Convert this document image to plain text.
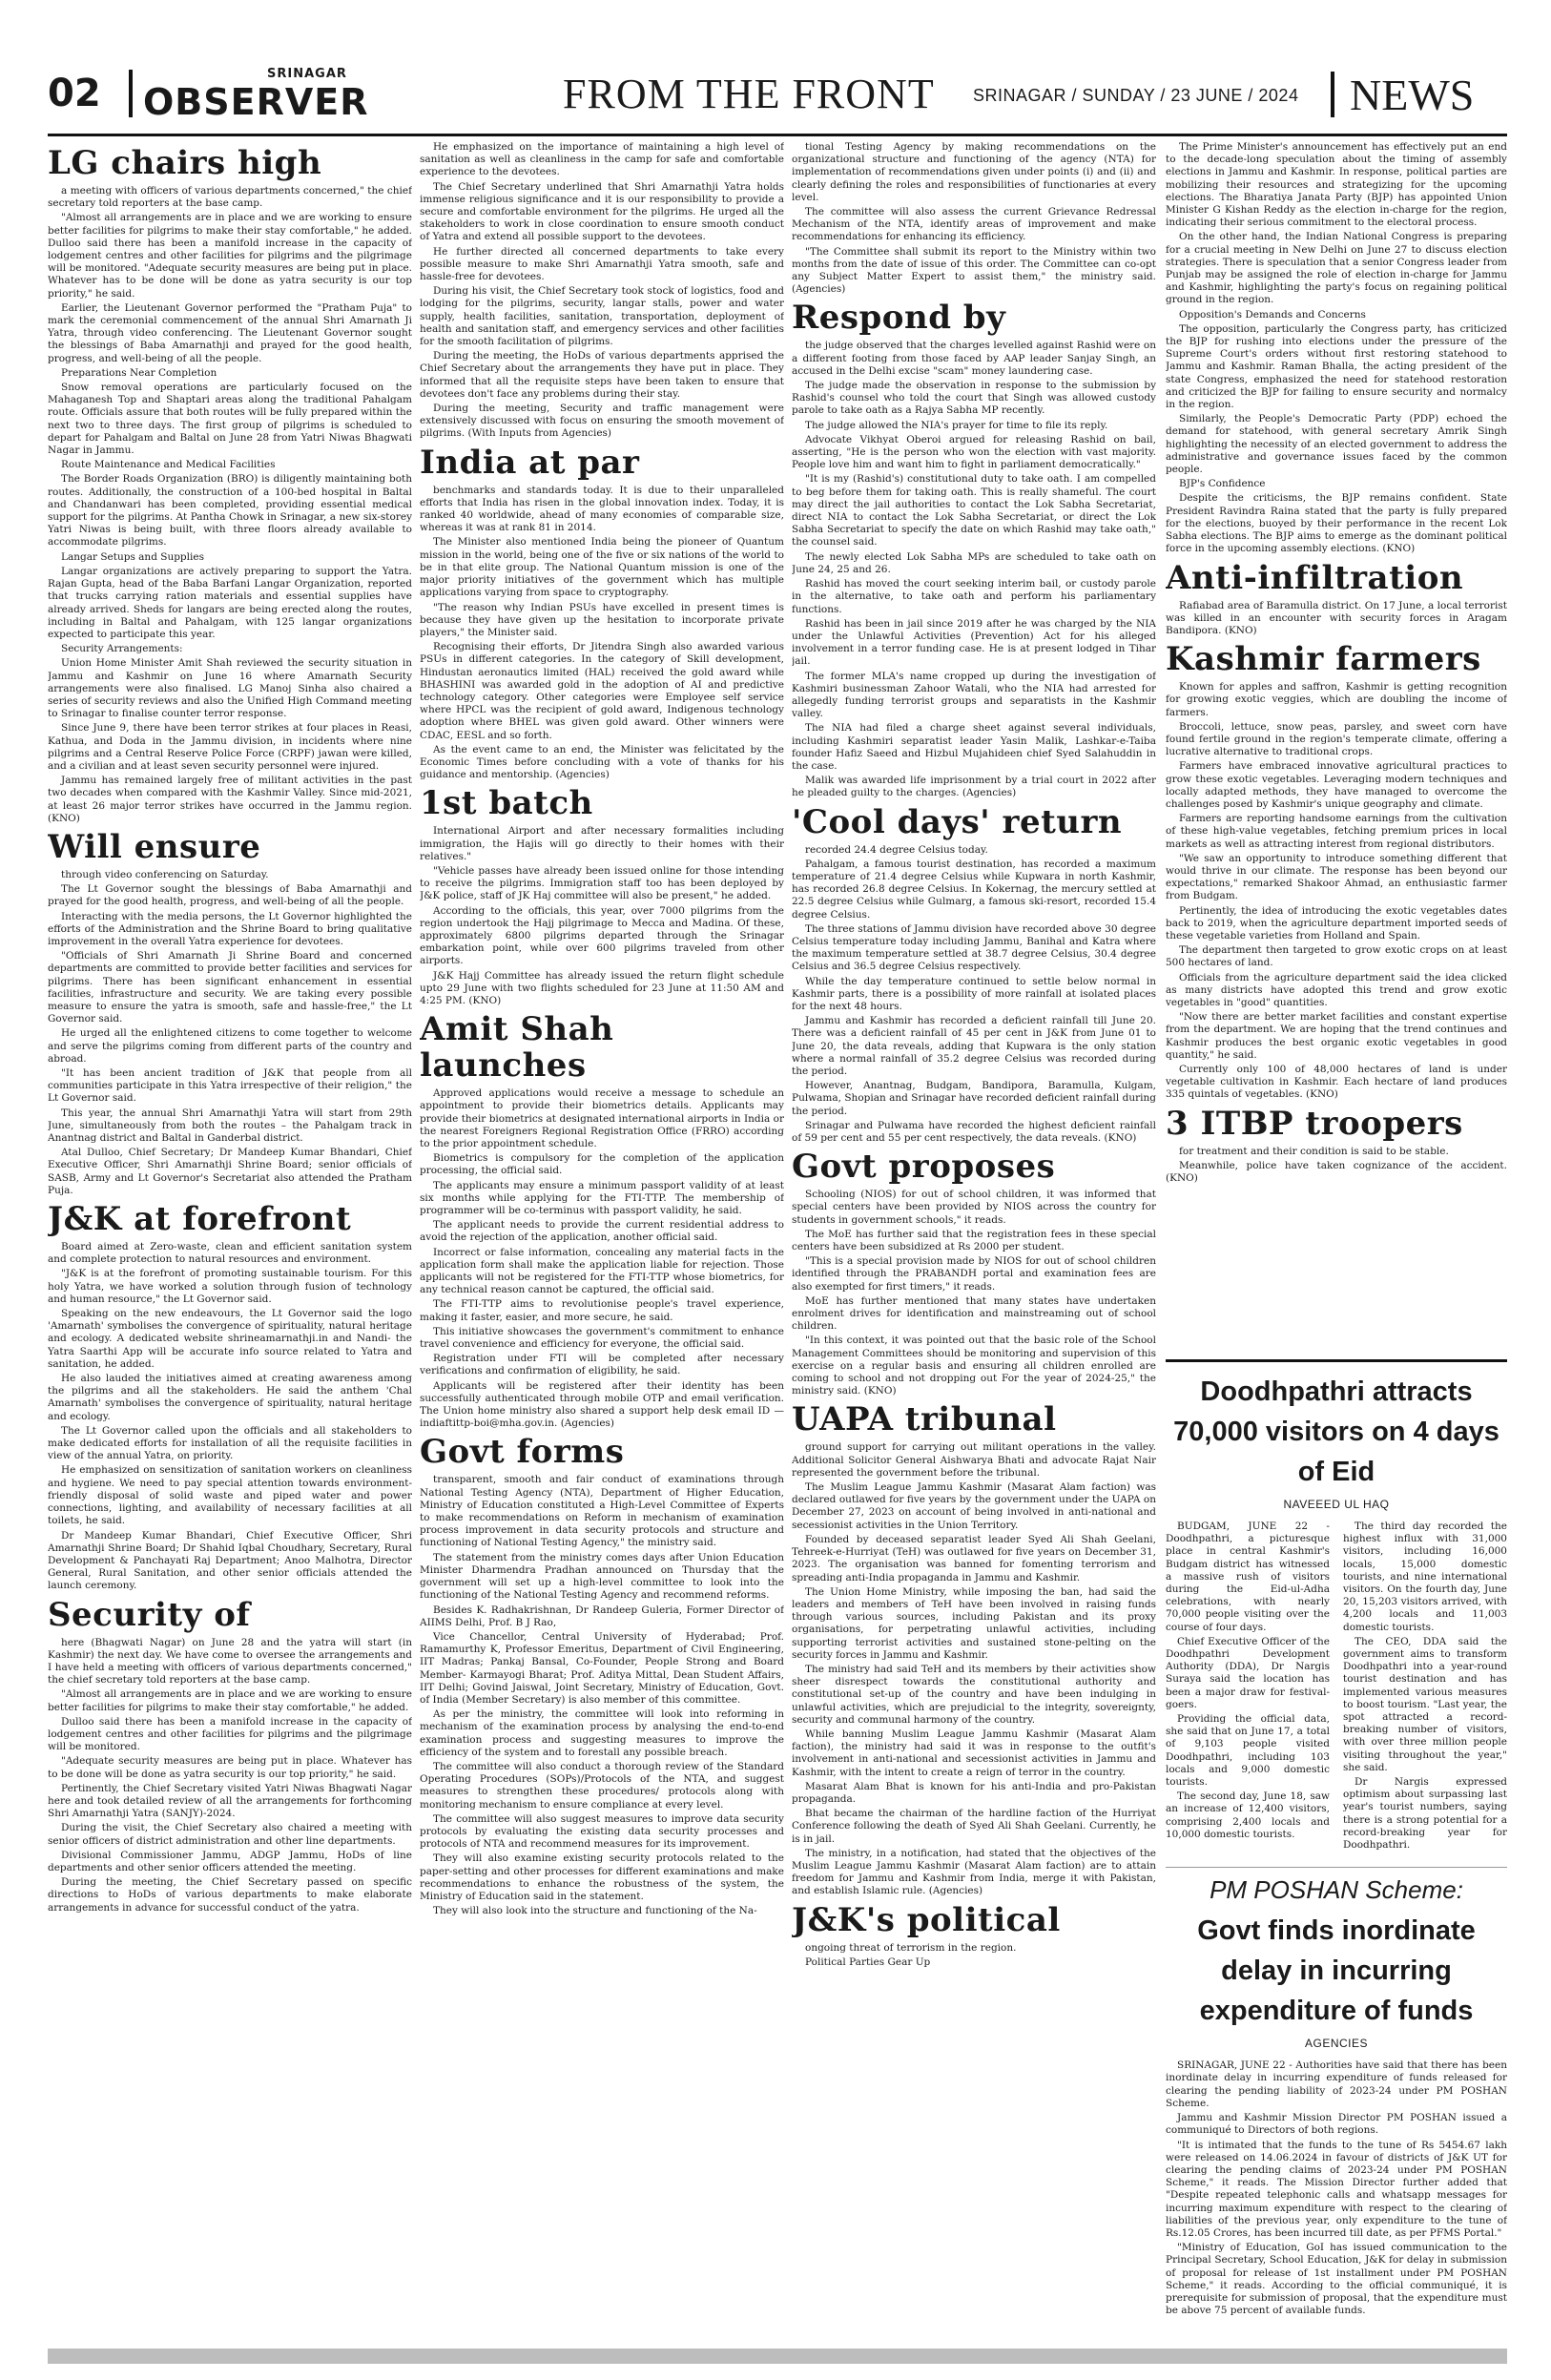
02	SRINAGAR
OBSERVER	FROM THE FRONT SRINAGAR / SUNDAY / 23 JUNE / 2024 NEWS
LG chairs high

a meeting with officers of various departments concerned," the chief secretary told reporters at the base camp.

"Almost all arrangements are in place and we are working to ensure better facilities for pilgrims to make their stay comfortable," he added. Dulloo said there has been a manifold increase in the capacity of lodgement centres and other facilities for pilgrims and the pilgrimage will be monitored. "Adequate security measures are being put in place. Whatever has to be done will be done as yatra security is our top priority," he said.

Earlier, the Lieutenant Governor performed the "Pratham Puja" to mark the ceremonial commencement of the annual Shri Amarnath Ji Yatra, through video conferencing. The Lieutenant Governor sought the blessings of Baba Amarnathji and prayed for the good health, progress, and well-being of all the people.

Preparations Near Completion

Snow removal operations are particularly focused on the Mahaganesh Top and Shaptari areas along the traditional Pahalgam route. Officials assure that both routes will be fully prepared within the next two to three days. The first group of pilgrims is scheduled to depart for Pahalgam and Baltal on June 28 from Yatri Niwas Bhagwati Nagar in Jammu.

Route Maintenance and Medical Facilities

The Border Roads Organization (BRO) is diligently maintaining both routes. Additionally, the construction of a 100-bed hospital in Baltal and Chandanwari has been completed, providing essential medical support for the pilgrims. At Pantha Chowk in Srinagar, a new six-storey Yatri Niwas is being built, with three floors already available to accommodate pilgrims.

Langar Setups and Supplies

Langar organizations are actively preparing to support the Yatra. Rajan Gupta, head of the Baba Barfani Langar Organization, reported that trucks carrying ration materials and essential supplies have already arrived. Sheds for langars are being erected along the routes, including in Baltal and Pahalgam, with 125 langar organizations expected to participate this year.

Security Arrangements:

Union Home Minister Amit Shah reviewed the security situation in Jammu and Kashmir on June 16 where Amarnath Security arrangements were also finalised. LG Manoj Sinha also chaired a series of security reviews and also the Unified High Command meeting to Srinagar to finalise counter terror response.

Since June 9, there have been terror strikes at four places in Reasi, Kathua, and Doda in the Jammu division, in incidents where nine pilgrims and a Central Reserve Police Force (CRPF) jawan were killed, and a civilian and at least seven security personnel were injured.

Jammu has remained largely free of militant activities in the past two decades when compared with the Kashmir Valley. Since mid-2021, at least 26 major terror strikes have occurred in the Jammu region. (KNO)

Will ensure

through video conferencing on Saturday.

The Lt Governor sought the blessings of Baba Amarnathji and prayed for the good health, progress, and well-being of all the people.

Interacting with the media persons, the Lt Governor highlighted the efforts of the Administration and the Shrine Board to bring qualitative improvement in the overall Yatra experience for devotees.

"Officials of Shri Amarnath Ji Shrine Board and concerned departments are committed to provide better facilities and services for pilgrims. There has been significant enhancement in essential facilities, infrastructure and security. We are taking every possible measure to ensure the yatra is smooth, safe and hassle-free," the Lt Governor said.

He urged all the enlightened citizens to come together to welcome and serve the pilgrims coming from different parts of the country and abroad.

"It has been ancient tradition of J&K that people from all communities participate in this Yatra irrespective of their religion," the Lt Governor said.

This year, the annual Shri Amarnathji Yatra will start from 29th June, simultaneously from both the routes – the Pahalgam track in Anantnag district and Baltal in Ganderbal district.

Atal Dulloo, Chief Secretary; Dr Mandeep Kumar Bhandari, Chief Executive Officer, Shri Amarnathji Shrine Board; senior officials of SASB, Army and Lt Governor's Secretariat also attended the Pratham Puja.

J&K at forefront

Board aimed at Zero-waste, clean and efficient sanitation system and complete protection to natural resources and environment.

"J&K is at the forefront of promoting sustainable tourism. For this holy Yatra, we have worked a solution through fusion of technology and human resource," the Lt Governor said.

Speaking on the new endeavours, the Lt Governor said the logo 'Amarnath' symbolises the convergence of spirituality, natural heritage and ecology. A dedicated website shrineamarnathji.in and Nandi- the Yatra Saarthi App will be accurate info source related to Yatra and sanitation, he added.

He also lauded the initiatives aimed at creating awareness among the pilgrims and all the stakeholders. He said the anthem 'Chal Amarnath' symbolises the convergence of spirituality, natural heritage and ecology.

The Lt Governor called upon the officials and all stakeholders to make dedicated efforts for installation of all the requisite facilities in view of the annual Yatra, on priority.

He emphasized on sensitization of sanitation workers on cleanliness and hygiene. We need to pay special attention towards environment-friendly disposal of solid waste and piped water and power connections, lighting, and availability of necessary facilities at all toilets, he said.

Dr Mandeep Kumar Bhandari, Chief Executive Officer, Shri Amarnathji Shrine Board; Dr Shahid Iqbal Choudhary, Secretary, Rural Development & Panchayati Raj Department; Anoo Malhotra, Director General, Rural Sanitation, and other senior officials attended the launch ceremony.

Security of

here (Bhagwati Nagar) on June 28 and the yatra will start (in Kashmir) the next day. We have come to oversee the arrangements and I have held a meeting with officers of various departments concerned," the chief secretary told reporters at the base camp.

"Almost all arrangements are in place and we are working to ensure better facilities for pilgrims to make their stay comfortable," he added.

Dulloo said there has been a manifold increase in the capacity of lodgement centres and other facilities for pilgrims and the pilgrimage will be monitored.

"Adequate security measures are being put in place. Whatever has to be done will be done as yatra security is our top priority," he said.

Pertinently, the Chief Secretary visited Yatri Niwas Bhagwati Nagar here and took detailed review of all the arrangements for forthcoming Shri Amarnathji Yatra (SANJY)-2024.

During the visit, the Chief Secretary also chaired a meeting with senior officers of district administration and other line departments.

Divisional Commissioner Jammu, ADGP Jammu, HoDs of line departments and other senior officers attended the meeting.

During the meeting, the Chief Secretary passed on specific directions to HoDs of various departments to make elaborate arrangements in advance for successful conduct of the yatra.

He emphasized on the importance of maintaining a high level of sanitation as well as cleanliness in the camp for safe and comfortable experience to the devotees.

The Chief Secretary underlined that Shri Amarnathji Yatra holds immense religious significance and it is our responsibility to provide a secure and comfortable environment for the pilgrims. He urged all the stakeholders to work in close coordination to ensure smooth conduct of Yatra and extend all possible support to the devotees.

He further directed all concerned departments to take every possible measure to make Shri Amarnathji Yatra smooth, safe and hassle-free for devotees.

During his visit, the Chief Secretary took stock of logistics, food and lodging for the pilgrims, security, langar stalls, power and water supply, health facilities, sanitation, transportation, deployment of health and sanitation staff, and emergency services and other facilities for the smooth facilitation of pilgrims.

During the meeting, the HoDs of various departments apprised the Chief Secretary about the arrangements they have put in place. They informed that all the requisite steps have been taken to ensure that devotees don't face any problems during their stay.

During the meeting, Security and traffic management were extensively discussed with focus on ensuring the smooth movement of pilgrims. (With Inputs from Agencies)

India at par

benchmarks and standards today. It is due to their unparalleled efforts that India has risen in the global innovation index. Today, it is ranked 40 worldwide, ahead of many economies of comparable size, whereas it was at rank 81 in 2014.

The Minister also mentioned India being the pioneer of Quantum mission in the world, being one of the five or six nations of the world to be in that elite group. The National Quantum mission is one of the major priority initiatives of the government which has multiple applications varying from space to cryptography.

"The reason why Indian PSUs have excelled in present times is because they have given up the hesitation to incorporate private players," the Minister said.

Recognising their efforts, Dr Jitendra Singh also awarded various PSUs in different categories. In the category of Skill development, Hindustan aeronautics limited (HAL) received the gold award while BHASHINI was awarded gold in the adoption of AI and predictive technology category. Other categories were Employee self service where HPCL was the recipient of gold award, Indigenous technology adoption where BHEL was given gold award. Other winners were CDAC, EESL and so forth.

As the event came to an end, the Minister was felicitated by the Economic Times before concluding with a vote of thanks for his guidance and mentorship. (Agencies)

1st batch

International Airport and after necessary formalities including immigration, the Hajis will go directly to their homes with their relatives."

"Vehicle passes have already been issued online for those intending to receive the pilgrims. Immigration staff too has been deployed by J&K police, staff of JK Haj committee will also be present," he added.

According to the officials, this year, over 7000 pilgrims from the region undertook the Hajj pilgrimage to Mecca and Madina. Of these, approximately 6800 pilgrims departed through the Srinagar embarkation point, while over 600 pilgrims traveled from other airports.

J&K Hajj Committee has already issued the return flight schedule upto 29 June with two flights scheduled for 23 June at 11:50 AM and 4:25 PM. (KNO)

Amit Shah launches

Approved applications would receive a message to schedule an appointment to provide their biometrics details. Applicants may provide their biometrics at designated international airports in India or the nearest Foreigners Regional Registration Office (FRRO) according to the prior appointment schedule.

Biometrics is compulsory for the completion of the application processing, the official said.

The applicants may ensure a minimum passport validity of at least six months while applying for the FTI-TTP. The membership of programmer will be co-terminus with passport validity, he said.

The applicant needs to provide the current residential address to avoid the rejection of the application, another official said.

Incorrect or false information, concealing any material facts in the application form shall make the application liable for rejection. Those applicants will not be registered for the FTI-TTP whose biometrics, for any technical reason cannot be captured, the official said.

The FTI-TTP aims to revolutionise people's travel experience, making it faster, easier, and more secure, he said.

This initiative showcases the government's commitment to enhance travel convenience and efficiency for everyone, the official said.

Registration under FTI will be completed after necessary verifications and confirmation of eligibility, he said.

Applicants will be registered after their identity has been successfully authenticated through mobile OTP and email verification. The Union home ministry also shared a support help desk email ID — indiaftittp-boi@mha.gov.in. (Agencies)

Govt forms

transparent, smooth and fair conduct of examinations through National Testing Agency (NTA), Department of Higher Education, Ministry of Education constituted a High-Level Committee of Experts to make recommendations on Reform in mechanism of examination process improvement in data security protocols and structure and functioning of National Testing Agency," the ministry said.

The statement from the ministry comes days after Union Education Minister Dharmendra Pradhan announced on Thursday that the government will set up a high-level committee to look into the functioning of the National Testing Agency and recommend reforms.

Besides K. Radhakrishnan, Dr Randeep Guleria, Former Director of AIIMS Delhi, Prof. B J Rao,

Vice Chancellor, Central University of Hyderabad; Prof. Ramamurthy K, Professor Emeritus, Department of Civil Engineering, IIT Madras; Pankaj Bansal, Co-Founder, People Strong and Board Member- Karmayogi Bharat; Prof. Aditya Mittal, Dean Student Affairs, IIT Delhi; Govind Jaiswal, Joint Secretary, Ministry of Education, Govt. of India (Member Secretary) is also member of this committee.

As per the ministry, the committee will look into reforming in mechanism of the examination process by analysing the end-to-end examination process and suggesting measures to improve the efficiency of the system and to forestall any possible breach.

The committee will also conduct a thorough review of the Standard Operating Procedures (SOPs)/Protocols of the NTA, and suggest measures to strengthen these procedures/ protocols along with monitoring mechanism to ensure compliance at every level.

The committee will also suggest measures to improve data security protocols by evaluating the existing data security processes and protocols of NTA and recommend measures for its improvement.

They will also examine existing security protocols related to the paper-setting and other processes for different examinations and make recommendations to enhance the robustness of the system, the Ministry of Education said in the statement.

They will also look into the structure and functioning of the Na-

tional Testing Agency by making recommendations on the organizational structure and functioning of the agency (NTA) for implementation of recommendations given under points (i) and (ii) and clearly defining the roles and responsibilities of functionaries at every level.

The committee will also assess the current Grievance Redressal Mechanism of the NTA, identify areas of improvement and make recommendations for enhancing its efficiency.

"The Committee shall submit its report to the Ministry within two months from the date of issue of this order. The Committee can co-opt any Subject Matter Expert to assist them," the ministry said. (Agencies)

Respond by

the judge observed that the charges levelled against Rashid were on a different footing from those faced by AAP leader Sanjay Singh, an accused in the Delhi excise "scam" money laundering case.

The judge made the observation in response to the submission by Rashid's counsel who told the court that Singh was allowed custody parole to take oath as a Rajya Sabha MP recently.

The judge allowed the NIA's prayer for time to file its reply.

Advocate Vikhyat Oberoi argued for releasing Rashid on bail, asserting, "He is the person who won the election with vast majority. People love him and want him to fight in parliament democratically."

"It is my (Rashid's) constitutional duty to take oath. I am compelled to beg before them for taking oath. This is really shameful. The court may direct the jail authorities to contact the Lok Sabha Secretariat, direct NIA to contact the Lok Sabha Secretariat, or direct the Lok Sabha Secretariat to specify the date on which Rashid may take oath," the counsel said.

The newly elected Lok Sabha MPs are scheduled to take oath on June 24, 25 and 26.

Rashid has moved the court seeking interim bail, or custody parole in the alternative, to take oath and perform his parliamentary functions.

Rashid has been in jail since 2019 after he was charged by the NIA under the Unlawful Activities (Prevention) Act for his alleged involvement in a terror funding case. He is at present lodged in Tihar jail.

The former MLA's name cropped up during the investigation of Kashmiri businessman Zahoor Watali, who the NIA had arrested for allegedly funding terrorist groups and separatists in the Kashmir valley.

The NIA had filed a charge sheet against several individuals, including Kashmiri separatist leader Yasin Malik, Lashkar-e-Taiba founder Hafiz Saeed and Hizbul Mujahideen chief Syed Salahuddin in the case.

Malik was awarded life imprisonment by a trial court in 2022 after he pleaded guilty to the charges. (Agencies)

'Cool days' return

recorded 24.4 degree Celsius today.

Pahalgam, a famous tourist destination, has recorded a maximum temperature of 21.4 degree Celsius while Kupwara in north Kashmir, has recorded 26.8 degree Celsius. In Kokernag, the mercury settled at 22.5 degree Celsius while Gulmarg, a famous ski-resort, recorded 15.4 degree Celsius.

The three stations of Jammu division have recorded above 30 degree Celsius temperature today including Jammu, Banihal and Katra where the maximum temperature settled at 38.7 degree Celsius, 30.4 degree Celsius and 36.5 degree Celsius respectively.

While the day temperature continued to settle below normal in Kashmir parts, there is a possibility of more rainfall at isolated places for the next 48 hours.

Jammu and Kashmir has recorded a deficient rainfall till June 20. There was a deficient rainfall of 45 per cent in J&K from June 01 to June 20, the data reveals, adding that Kupwara is the only station where a normal rainfall of 35.2 degree Celsius was recorded during the period.

However, Anantnag, Budgam, Bandipora, Baramulla, Kulgam, Pulwama, Shopian and Srinagar have recorded deficient rainfall during the period.

Srinagar and Pulwama have recorded the highest deficient rainfall of 59 per cent and 55 per cent respectively, the data reveals. (KNO)

Govt proposes

Schooling (NIOS) for out of school children, it was informed that special centers have been provided by NIOS across the country for students in government schools," it reads.

The MoE has further said that the registration fees in these special centers have been subsidized at Rs 2000 per student.

"This is a special provision made by NIOS for out of school children identified through the PRABANDH portal and examination fees are also exempted for first timers," it reads.

MoE has further mentioned that many states have undertaken enrolment drives for identification and mainstreaming out of school children.

"In this context, it was pointed out that the basic role of the School Management Committees should be monitoring and supervision of this exercise on a regular basis and ensuring all children enrolled are coming to school and not dropping out For the year of 2024-25," the ministry said. (KNO)

UAPA tribunal

ground support for carrying out militant operations in the valley. Additional Solicitor General Aishwarya Bhati and advocate Rajat Nair represented the government before the tribunal.

The Muslim League Jammu Kashmir (Masarat Alam faction) was declared outlawed for five years by the government under the UAPA on December 27, 2023 on account of being involved in anti-national and secessionist activities in the Union Territory.

Founded by deceased separatist leader Syed Ali Shah Geelani, Tehreek-e-Hurriyat (TeH) was outlawed for five years on December 31, 2023. The organisation was banned for fomenting terrorism and spreading anti-India propaganda in Jammu and Kashmir.

The Union Home Ministry, while imposing the ban, had said the leaders and members of TeH have been involved in raising funds through various sources, including Pakistan and its proxy organisations, for perpetrating unlawful activities, including supporting terrorist activities and sustained stone-pelting on the security forces in Jammu and Kashmir.

The ministry had said TeH and its members by their activities show sheer disrespect towards the constitutional authority and constitutional set-up of the country and have been indulging in unlawful activities, which are prejudicial to the integrity, sovereignty, security and communal harmony of the country.

While banning Muslim League Jammu Kashmir (Masarat Alam faction), the ministry had said it was in response to the outfit's involvement in anti-national and secessionist activities in Jammu and Kashmir, with the intent to create a reign of terror in the country.

Masarat Alam Bhat is known for his anti-India and pro-Pakistan propaganda.

Bhat became the chairman of the hardline faction of the Hurriyat Conference following the death of Syed Ali Shah Geelani. Currently, he is in jail.

The ministry, in a notification, had stated that the objectives of the Muslim League Jammu Kashmir (Masarat Alam faction) are to attain freedom for Jammu and Kashmir from India, merge it with Pakistan, and establish Islamic rule. (Agencies)

J&K's political

ongoing threat of terrorism in the region.

Political Parties Gear Up

The Prime Minister's announcement has effectively put an end to the decade-long speculation about the timing of assembly elections in Jammu and Kashmir. In response, political parties are mobilizing their resources and strategizing for the upcoming elections. The Bharatiya Janata Party (BJP) has appointed Union Minister G Kishan Reddy as the election in-charge for the region, indicating their serious commitment to the electoral process.

On the other hand, the Indian National Congress is preparing for a crucial meeting in New Delhi on June 27 to discuss election strategies. There is speculation that a senior Congress leader from Punjab may be assigned the role of election in-charge for Jammu and Kashmir, highlighting the party's focus on regaining political ground in the region.

Opposition's Demands and Concerns

The opposition, particularly the Congress party, has criticized the BJP for rushing into elections under the pressure of the Supreme Court's orders without first restoring statehood to Jammu and Kashmir. Raman Bhalla, the acting president of the state Congress, emphasized the need for statehood restoration and criticized the BJP for failing to ensure security and normalcy in the region.

Similarly, the People's Democratic Party (PDP) echoed the demand for statehood, with general secretary Amrik Singh highlighting the necessity of an elected government to address the administrative and governance issues faced by the common people.

BJP's Confidence

Despite the criticisms, the BJP remains confident. State President Ravindra Raina stated that the party is fully prepared for the elections, buoyed by their performance in the recent Lok Sabha elections. The BJP aims to emerge as the dominant political force in the upcoming assembly elections. (KNO)

Anti-infiltration

Rafiabad area of Baramulla district. On 17 June, a local terrorist was killed in an encounter with security forces in Aragam Bandipora. (KNO)

Kashmir farmers

Known for apples and saffron, Kashmir is getting recognition for growing exotic veggies, which are doubling the income of farmers.

Broccoli, lettuce, snow peas, parsley, and sweet corn have found fertile ground in the region's temperate climate, offering a lucrative alternative to traditional crops.

Farmers have embraced innovative agricultural practices to grow these exotic vegetables. Leveraging modern techniques and locally adapted methods, they have managed to overcome the challenges posed by Kashmir's unique geography and climate.

Farmers are reporting handsome earnings from the cultivation of these high-value vegetables, fetching premium prices in local markets as well as attracting interest from regional distributors.

"We saw an opportunity to introduce something different that would thrive in our climate. The response has been beyond our expectations," remarked Shakoor Ahmad, an enthusiastic farmer from Budgam.

Pertinently, the idea of introducing the exotic vegetables dates back to 2019, when the agriculture department imported seeds of these vegetable varieties from Holland and Spain.

The department then targeted to grow exotic crops on at least 500 hectares of land.

Officials from the agriculture department said the idea clicked as many districts have adopted this trend and grow exotic vegetables in "good" quantities.

"Now there are better market facilities and constant expertise from the department. We are hoping that the trend continues and Kashmir produces the best organic exotic vegetables in good quantity," he said.

Currently only 100 of 48,000 hectares of land is under vegetable cultivation in Kashmir. Each hectare of land produces 335 quintals of vegetables. (KNO)

3 ITBP troopers

for treatment and their condition is said to be stable.

Meanwhile, police have taken cognizance of the accident. (KNO)

Doodhpathri attracts 70,000 visitors on 4 days of Eid
NAVEEED UL HAQ

BUDGAM, JUNE 22 - Doodhpathri, a picturesque place in central Kashmir's Budgam district has witnessed a massive rush of visitors during the Eid-ul-Adha celebrations, with nearly 70,000 people visiting over the course of four days.

Chief Executive Officer of the Doodhpathri Development Authority (DDA), Dr Nargis Suraya said the location has been a major draw for festival-goers.

Providing the official data, she said that on June 17, a total of 9,103 people visited Doodhpathri, including 103 locals and 9,000 domestic tourists.

The second day, June 18, saw an increase of 12,400 visitors, comprising 2,400 locals and 10,000 domestic tourists.

The third day recorded the highest influx with 31,000 visitors, including 16,000 locals, 15,000 domestic tourists, and nine international visitors. On the fourth day, June 20, 15,203 visitors arrived, with 4,200 locals and 11,003 domestic tourists.

The CEO, DDA said the government aims to transform Doodhpathri into a year-round tourist destination and has implemented various measures to boost tourism. "Last year, the spot attracted a record-breaking number of visitors, with over three million people visiting throughout the year," she said.

Dr Nargis expressed optimism about surpassing last year's tourist numbers, saying there is a strong potential for a record-breaking year for Doodhpathri.

PM POSHAN Scheme:
Govt finds inordinate delay in incurring expenditure of funds
AGENCIES

SRINAGAR, JUNE 22 - Authorities have said that there has been inordinate delay in incurring expenditure of funds released for clearing the pending liability of 2023-24 under PM POSHAN Scheme.

Jammu and Kashmir Mission Director PM POSHAN issued a communiqué to Directors of both regions.

"It is intimated that the funds to the tune of Rs 5454.67 lakh were released on 14.06.2024 in favour of districts of J&K UT for clearing the pending claims of 2023-24 under PM POSHAN Scheme," it reads. The Mission Director further added that "Despite repeated telephonic calls and whatsapp messages for incurring maximum expenditure with respect to the clearing of liabilities of the previous year, only expenditure to the tune of Rs.12.05 Crores, has been incurred till date, as per PFMS Portal."

"Ministry of Education, GoI has issued communication to the Principal Secretary, School Education, J&K for delay in submission of proposal for release of 1st installment under PM POSHAN Scheme," it reads. According to the official communiqué, it is prerequisite for submission of proposal, that the expenditure must be above 75 percent of available funds.
